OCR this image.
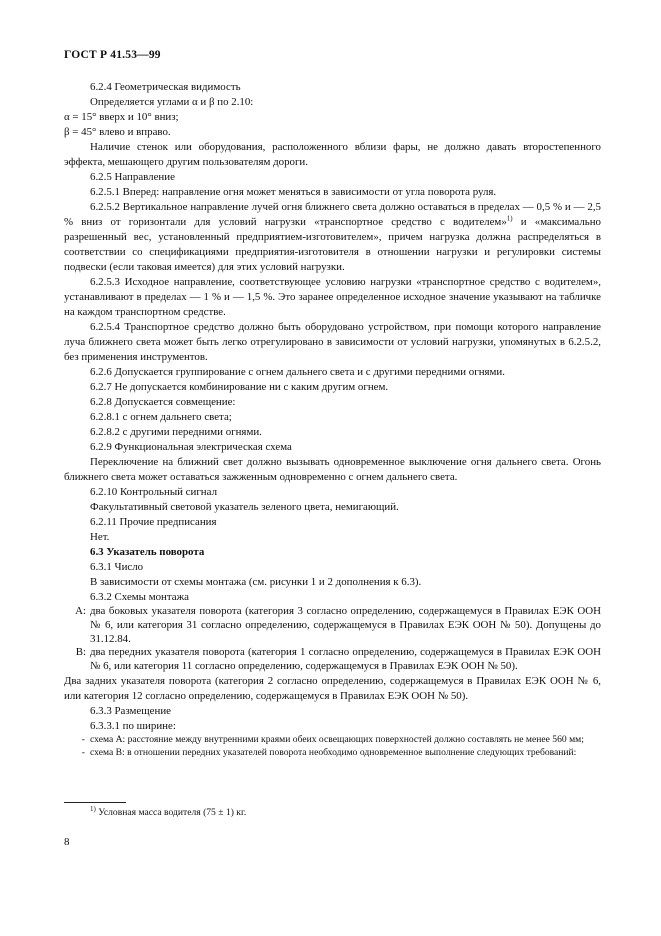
ГОСТ Р 41.53—99

6.2.4 Геометрическая видимость

Определяется углами α и β по 2.10:

α = 15° вверх и 10° вниз;

β = 45° влево и вправо.

Наличие стенок или оборудования, расположенного вблизи фары, не должно давать второстепенного эффекта, мешающего другим пользователям дороги.

6.2.5 Направление

6.2.5.1 Вперед: направление огня может меняться в зависимости от угла поворота руля.

6.2.5.2 Вертикальное направление лучей огня ближнего света должно оставаться в пределах — 0,5 % и — 2,5 % вниз от горизонтали для условий нагрузки «транспортное средство с водителем»$^{1)}$ и «максимально разрешенный вес, установленный предприятием-изготовителем», причем нагрузка должна распределяться в соответствии со спецификациями предприятия-изготовителя в отношении нагрузки и регулировки системы подвески (если таковая имеется) для этих условий нагрузки.

6.2.5.3 Исходное направление, соответствующее условию нагрузки «транспортное средство с водителем», устанавливают в пределах — 1 % и — 1,5 %. Это заранее определенное исходное значение указывают на табличке на каждом транспортном средстве.

6.2.5.4 Транспортное средство должно быть оборудовано устройством, при помощи которого направление луча ближнего света может быть легко отрегулировано в зависимости от условий нагрузки, упомянутых в 6.2.5.2, без применения инструментов.

6.2.6 Допускается группирование с огнем дальнего света и с другими передними огнями.

6.2.7 Не допускается комбинирование ни с каким другим огнем.

6.2.8 Допускается совмещение:

6.2.8.1 с огнем дальнего света;

6.2.8.2 с другими передними огнями.

6.2.9 Функциональная электрическая схема

Переключение на ближний свет должно вызывать одновременное выключение огня дальнего света. Огонь ближнего света может оставаться зажженным одновременно с огнем дальнего света.

6.2.10 Контрольный сигнал

Факультативный световой указатель зеленого цвета, немигающий.

6.2.11 Прочие предписания

Нет.

6.3 Указатель поворота

6.3.1 Число

В зависимости от схемы монтажа (см. рисунки 1 и 2 дополнения к 6.3).

6.3.2 Схемы монтажа

А: два боковых указателя поворота (категория 3 согласно определению, содержащемуся в Правилах ЕЭК ООН № 6, или категория 31 согласно определению, содержащемуся в Правилах ЕЭК ООН № 50). Допущены до 31.12.84.
В: два передних указателя поворота (категория 1 согласно определению, содержащемуся в Правилах ЕЭК ООН № 6, или категория 11 согласно определению, содержащемуся в Правилах ЕЭК ООН № 50).

Два задних указателя поворота (категория 2 согласно определению, содержащемуся в Правилах ЕЭК ООН № 6, или категория 12 согласно определению, содержащемуся в Правилах ЕЭК ООН № 50).

6.3.3 Размещение

6.3.3.1 по ширине:

- схема А: расстояние между внутренними краями обеих освещающих поверхностей должно составлять не менее 560 мм;
- схема В: в отношении передних указателей поворота необходимо одновременное выполнение следующих требований:
$^{1)}$ Условная масса водителя (75 ± 1) кг.
8
